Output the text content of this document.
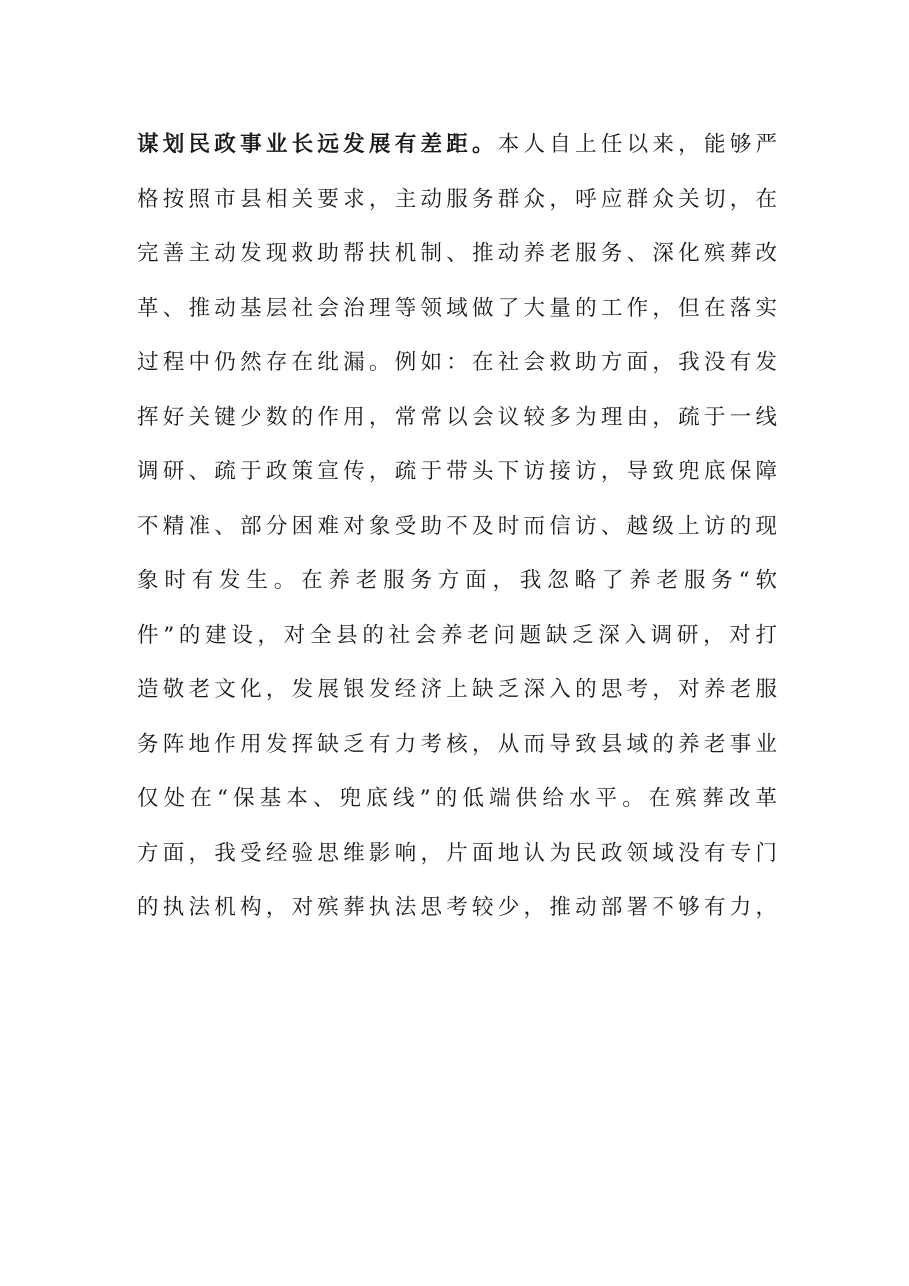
谋划民政事业长远发展有差距。本人自上任以来，能够严
格按照市县相关要求，主动服务群众，呼应群众关切，在
完善主动发现救助帮扶机制、推动养老服务、深化殡葬改
革、推动基层社会治理等领域做了大量的工作，但在落实
过程中仍然存在纰漏。例如：在社会救助方面，我没有发
挥好关键少数的作用，常常以会议较多为理由，疏于一线
调研、疏于政策宣传，疏于带头下访接访，导致兜底保障
不精准、部分困难对象受助不及时而信访、越级上访的现
象时有发生。在养老服务方面，我忽略了养老服务“软
件”的建设，对全县的社会养老问题缺乏深入调研，对打
造敬老文化，发展银发经济上缺乏深入的思考，对养老服
务阵地作用发挥缺乏有力考核，从而导致县域的养老事业
仅处在“保基本、兜底线”的低端供给水平。在殡葬改革
方面，我受经验思维影响，片面地认为民政领域没有专门
的执法机构，对殡葬执法思考较少，推动部署不够有力，
